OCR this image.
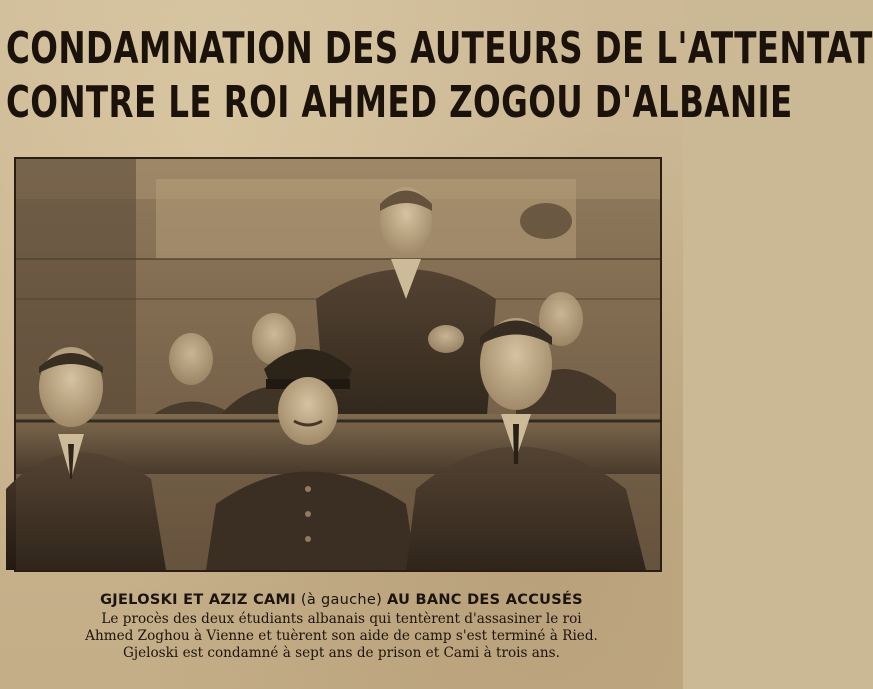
CONDAMNATION DES AUTEURS DE L'ATTENTAT
CONTRE LE ROI AHMED ZOGOU D'ALBANIE
GJELOSKI ET AZIZ CAMI (à gauche) AU BANC DES ACCUSÉS
Le procès des deux étudiants albanais qui tentèrent d'assasiner le roi
Ahmed Zoghou à Vienne et tuèrent son aide de camp s'est terminé à Ried.
Gjeloski est condamné à sept ans de prison et Cami à trois ans.
